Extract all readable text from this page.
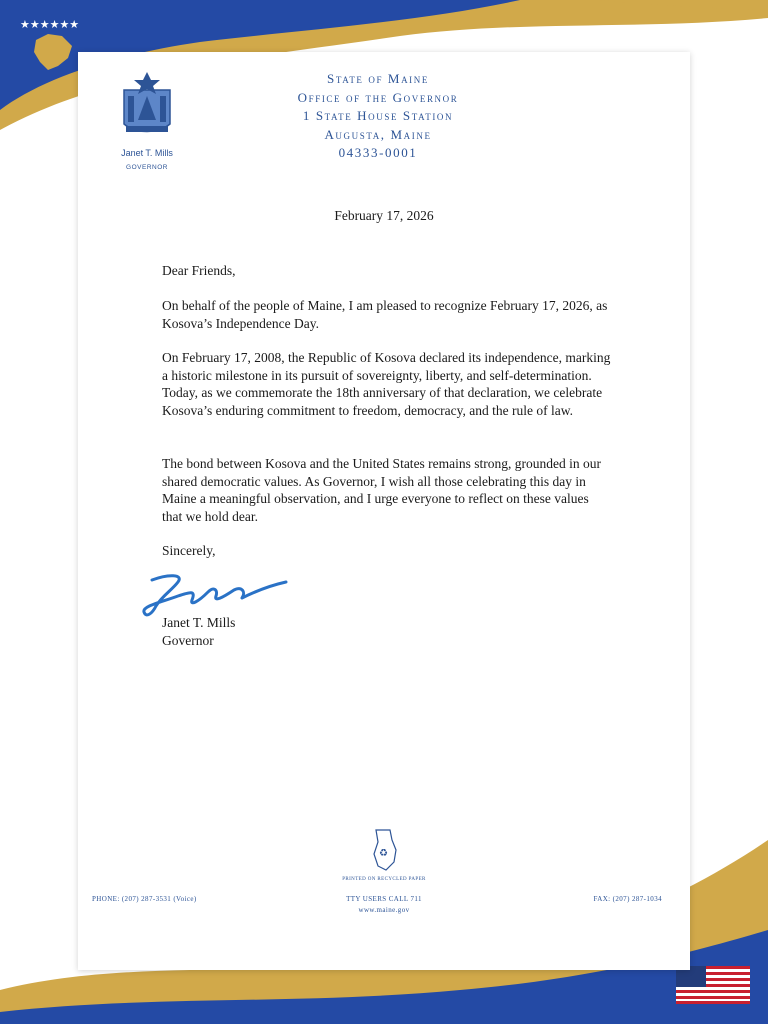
★★★★★★
Janet T. Mills
GOVERNOR
State of Maine
Office of the Governor
1 State House Station
Augusta, Maine
04333-0001
February 17, 2026
Dear Friends,
On behalf of the people of Maine, I am pleased to recognize February 17, 2026, as Kosova’s Independence Day.
On February 17, 2008, the Republic of Kosova declared its independence, marking a historic milestone in its pursuit of sovereignty, liberty, and self-determination. Today, as we commemorate the 18th anniversary of that declaration, we celebrate Kosova’s enduring commitment to freedom, democracy, and the rule of law.
The bond between Kosova and the United States remains strong, grounded in our shared democratic values. As Governor, I wish all those celebrating this day in Maine a meaningful observation, and I urge everyone to reflect on these values that we hold dear.
Sincerely,
Janet T. Mills
Governor
♻
PRINTED ON RECYCLED PAPER
PHONE: (207) 287-3531 (Voice)	TTY USERS CALL 711
www.maine.gov
FAX: (207) 287-1034
